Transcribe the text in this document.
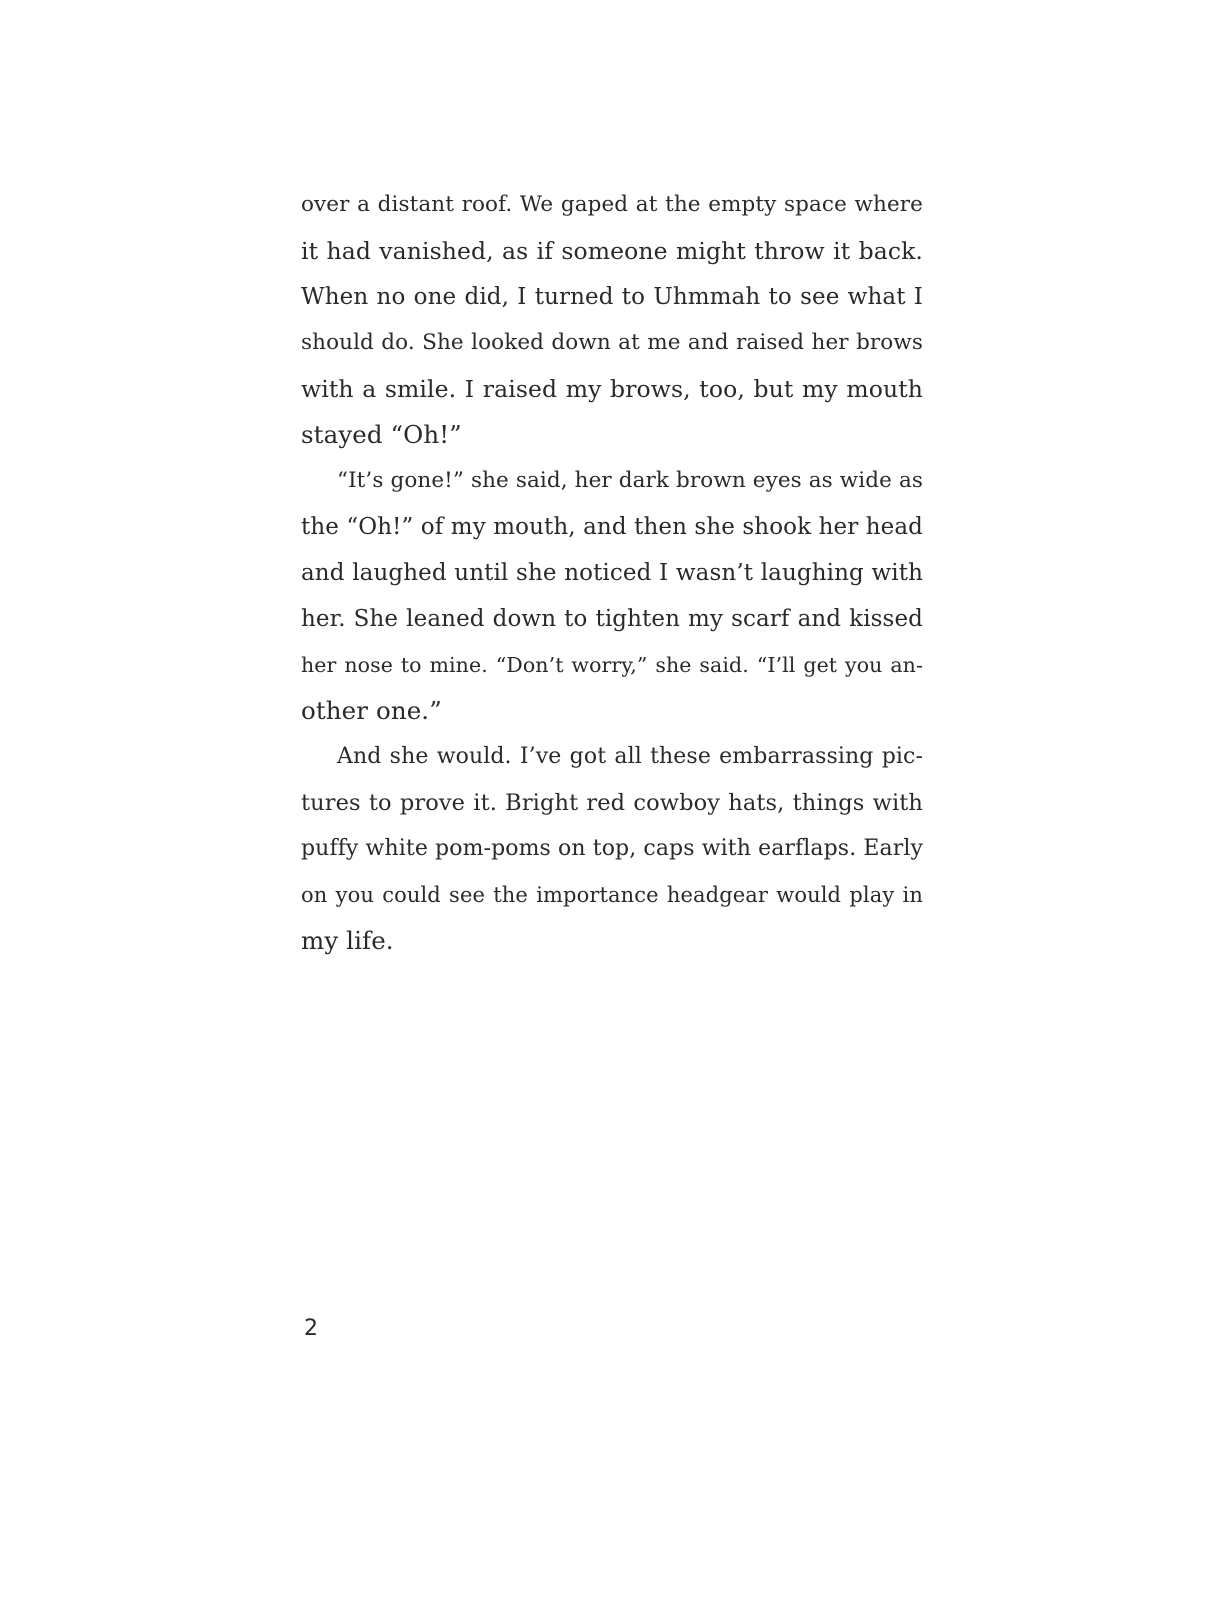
over a distant roof. We gaped at the empty space where
it had vanished, as if someone might throw it back.
When no one did, I turned to Uhmmah to see what I
should do. She looked down at me and raised her brows
with a smile. I raised my brows, too, but my mouth
stayed “Oh!”
“It’s gone!” she said, her dark brown eyes as wide as
the “Oh!” of my mouth, and then she shook her head
and laughed until she noticed I wasn’t laughing with
her. She leaned down to tighten my scarf and kissed
her nose to mine. “Don’t worry,” she said. “I’ll get you an-
other one.”
And she would. I’ve got all these embarrassing pic-
tures to prove it. Bright red cowboy hats, things with
puffy white pom-poms on top, caps with earflaps. Early
on you could see the importance headgear would play in
my life.
2
